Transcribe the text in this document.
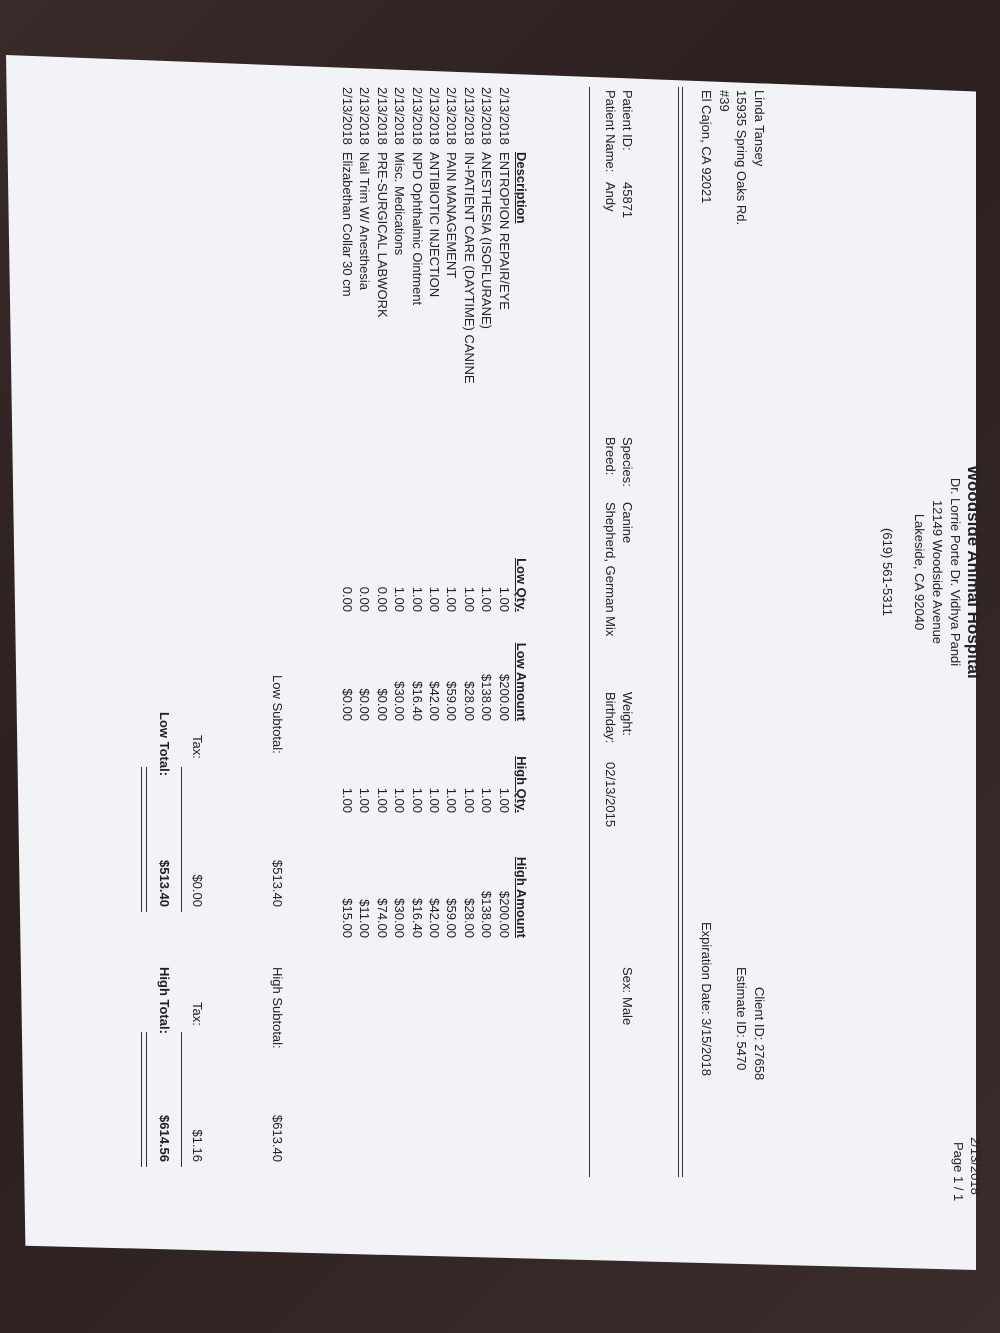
2/13/2018
Page 1 / 1
Woodside Animal Hospital
Dr. Lorrie Porte Dr. Vidhya Pandi
12149 Woodside Avenue
Lakeside, CA 92040
(619) 561-5311
Linda Tansey
15935 Spring Oaks Rd.
#39
El Cajon, CA 92021
Client ID: 27658
Estimate ID: 5470
Expiration Date: 3/15/2018
Patient ID:
45871
Patient Name:
Andy
Species:
Canine
Breed:
Shepherd, German Mix
Weight:
Birthday:
02/13/2015
Sex:
Male
	Description	Low Qty.	Low Amount	High Qty.	High Amount
2/13/2018	ENTROPION REPAIR/EYE	1.00	$200.00	1.00	$200.00
2/13/2018	ANESTHESIA (ISOFLURANE)	1.00	$138.00	1.00	$138.00
2/13/2018	IN-PATIENT CARE (DAYTIME) CANINE	1.00	$28.00	1.00	$28.00
2/13/2018	PAIN MANAGEMENT	1.00	$59.00	1.00	$59.00
2/13/2018	ANTIBIOTIC INJECTION	1.00	$42.00	1.00	$42.00
2/13/2018	NPD Ophthalmic Ointment	1.00	$16.40	1.00	$16.40
2/13/2018	Misc. Medications	1.00	$30.00	1.00	$30.00
2/13/2018	PRE-SURGICAL LABWORK	0.00	$0.00	1.00	$74.00
2/13/2018	Nail Trim W/ Anesthesia	0.00	$0.00	1.00	$11.00
2/13/2018	Elizabethan Collar 30 cm	0.00	$0.00	1.00	$15.00
Low Subtotal:
$513.40
High Subtotal:
$613.40
Tax:
$0.00
Tax:
$1.16
Low Total:
$513.40
High Total:
$614.56
